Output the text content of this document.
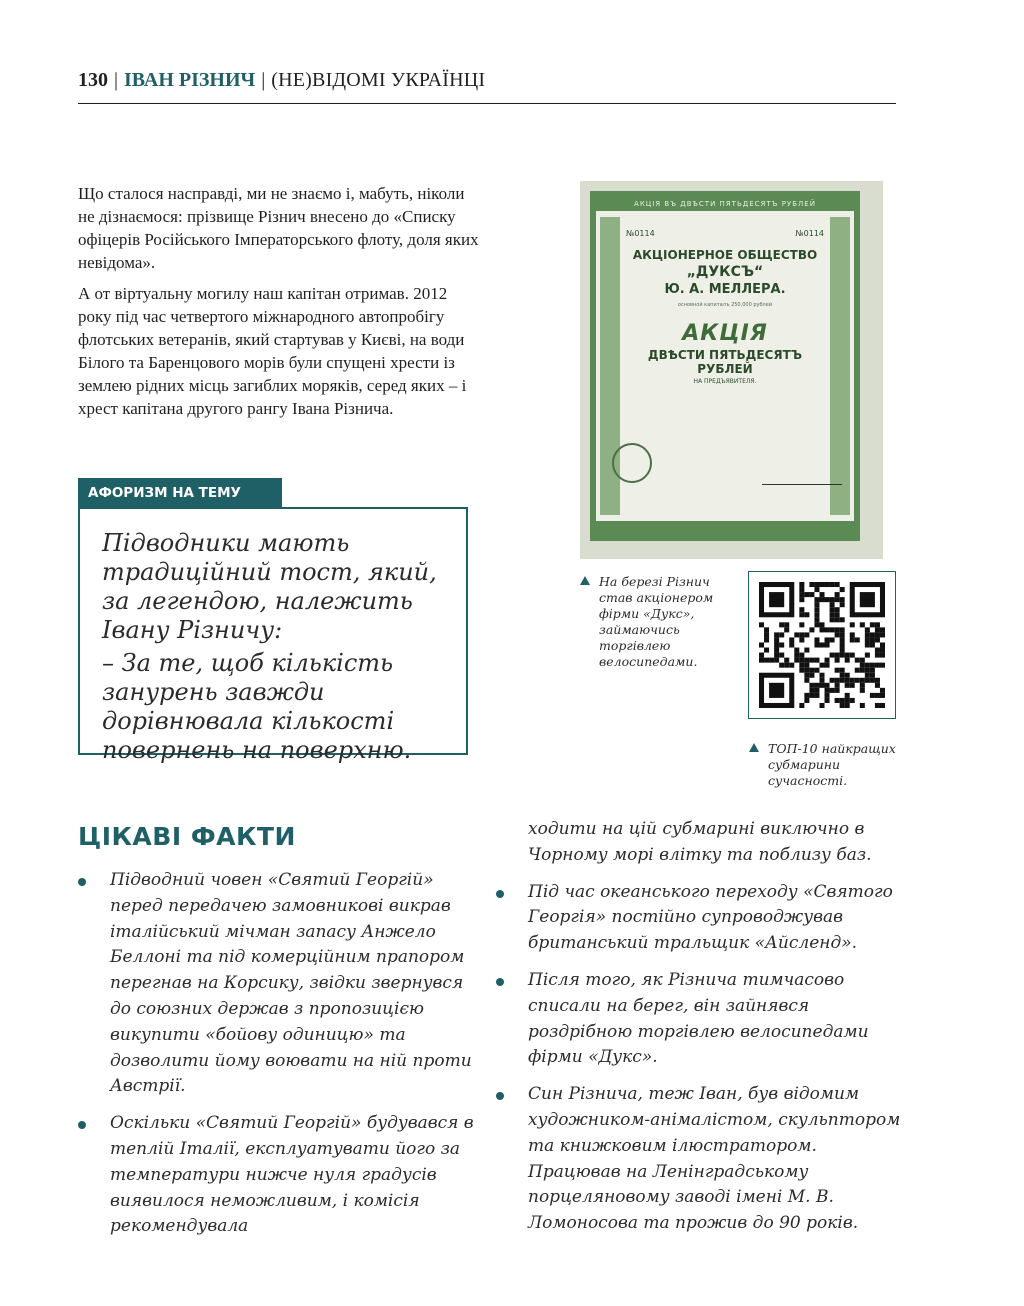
130 | ІВАН РІЗНИЧ | (НЕ)ВІДОМІ УКРАЇНЦІ

Що сталося насправді, ми не знаємо і, мабуть, ніколи не дізнаємося: прізвище Різнич внесено до «Списку офіцерів Російського Імператорського флоту, доля яких невідома».

А от віртуальну могилу наш капітан отримав. 2012 року під час четвертого міжнародного автопробігу флотських ветеранів, який стартував у Києві, на води Білого та Баренцового морів були спущені хрести із землею рідних місць загиблих моряків, серед яких – і хрест капітана другого рангу Івана Різнича.

АФОРИЗМ НА ТЕМУ

Підводники мають традиційний тост, який, за легендою, належить Івану Різничу:

– За те, щоб кількість занурень завжди дорівнювала кількості повернень на поверхню.

АКЦІЯ ВЪ ДВѢСТИ ПЯТЬДЕСЯТЪ РУБЛЕЙ
№0114	№0114
АКЦІОНЕРНОЕ ОБЩЕСТВО
„ДУКСЪ“
Ю. А. МЕЛЛЕРА.
основной капиталъ 250,000 рублей
АКЦІЯ
ДВѢСТИ ПЯТЬДЕСЯТЪ РУБЛЕЙ
НА ПРЕДЪЯВИТЕЛЯ.
На березі Різнич став акціонером фірми «Дукс», займаючись торгівлею велосипедами.
ТОП-10 найкращих субмарини сучасності.
ЦІКАВІ ФАКТИ
Підводний човен «Святий Георгій» перед передачею замовникові викрав італійський мічман запасу Анжело Беллоні та під комерційним прапором перегнав на Корсику, звідки звернувся до союзних держав з пропозицією викупити «бойову одиницю» та дозволити йому воювати на ній проти Австрії.
Оскільки «Святий Георгій» будувався в теплій Італії, експлуатувати його за температури нижче нуля градусів виявилося неможливим, і комісія рекомендувала
ходити на цій субмарині виключно в Чорному морі влітку та поблизу баз.
Під час океанського переходу «Святого Георгія» постійно супроводжував британський тральщик «Айсленд».
Після того, як Різнича тимчасово списали на берег, він зайнявся роздрібною торгівлею велосипедами фірми «Дукс».
Син Різнича, теж Іван, був відомим художником-анімалістом, скульптором та книжковим ілюстратором. Працював на Ленінградському порцеляновому заводі імені М. В. Ломоносова та прожив до 90 років.
